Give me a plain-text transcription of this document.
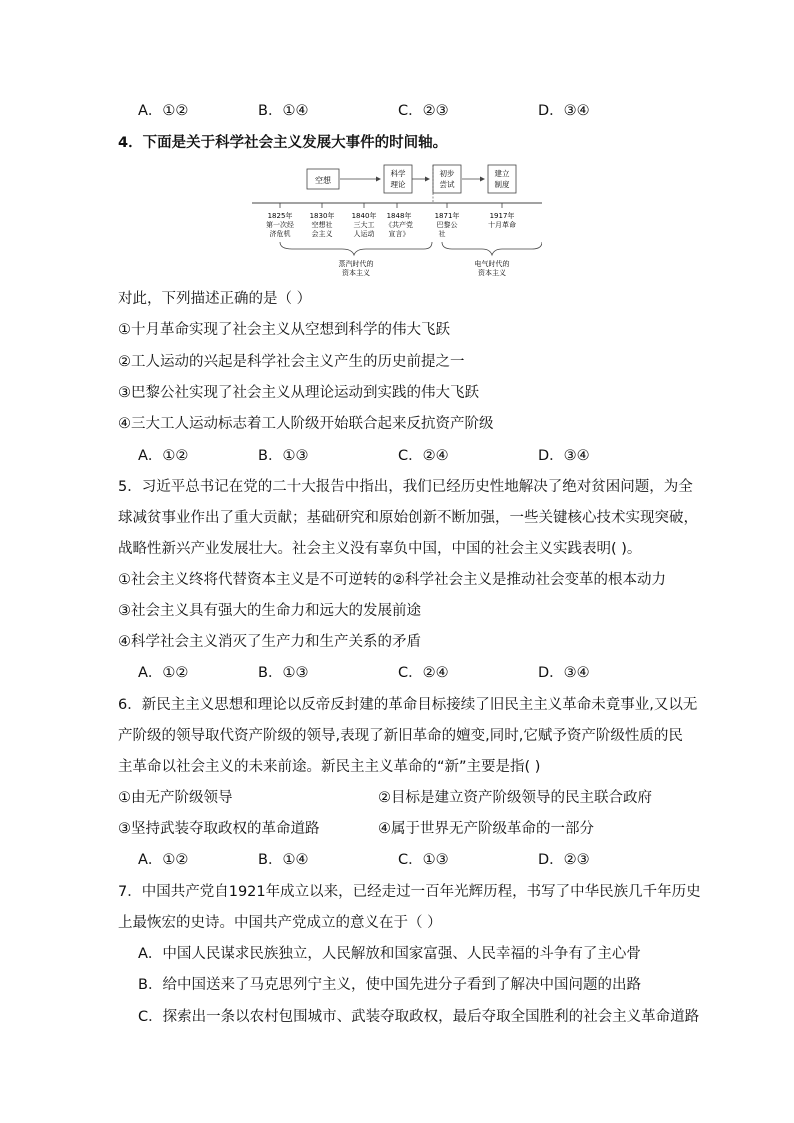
A．①②	B．①④	C．②③	D．③④
4．下面是关于科学社会主义发展大事件的时间轴。
空想
科学
理论
初步
尝试
建立
制度
1825年
第一次经
济危机
1830年
空想社
会主义
1840年
三大工
人运动
1848年
《共产党
宣言》
1871年
巴黎公
社
1917年
十月革命
蒸汽时代的
资本主义
电气时代的
资本主义
对此，下列描述正确的是（ ）
①十月革命实现了社会主义从空想到科学的伟大飞跃
②工人运动的兴起是科学社会主义产生的历史前提之一
③巴黎公社实现了社会主义从理论运动到实践的伟大飞跃
④三大工人运动标志着工人阶级开始联合起来反抗资产阶级
A．①②	B．①③	C．②④	D．③④
5．习近平总书记在党的二十大报告中指出，我们已经历史性地解决了绝对贫困问题，为全
球减贫事业作出了重大贡献；基础研究和原始创新不断加强，一些关键核心技术实现突破，
战略性新兴产业发展壮大。社会主义没有辜负中国，中国的社会主义实践表明( )。
①社会主义终将代替资本主义是不可逆转的②科学社会主义是推动社会变革的根本动力
③社会主义具有强大的生命力和远大的发展前途
④科学社会主义消灭了生产力和生产关系的矛盾
A．①②	B．①③	C．②④	D．③④
6．新民主主义思想和理论以反帝反封建的革命目标接续了旧民主主义革命未竟事业,又以无
产阶级的领导取代资产阶级的领导,表现了新旧革命的嬗变,同时,它赋予资产阶级性质的民
主革命以社会主义的未来前途。新民主主义革命的“新”主要是指( )
①由无产阶级领导	②目标是建立资产阶级领导的民主联合政府
③坚持武装夺取政权的革命道路	④属于世界无产阶级革命的一部分
A．①②	B．①④	C．①③	D．②③
7．中国共产党自1921年成立以来，已经走过一百年光辉历程，书写了中华民族几千年历史
上最恢宏的史诗。中国共产党成立的意义在于（ ）
A．中国人民谋求民族独立，人民解放和国家富强、人民幸福的斗争有了主心骨
B．给中国送来了马克思列宁主义，使中国先进分子看到了解决中国问题的出路
C．探索出一条以农村包围城市、武装夺取政权，最后夺取全国胜利的社会主义革命道路
